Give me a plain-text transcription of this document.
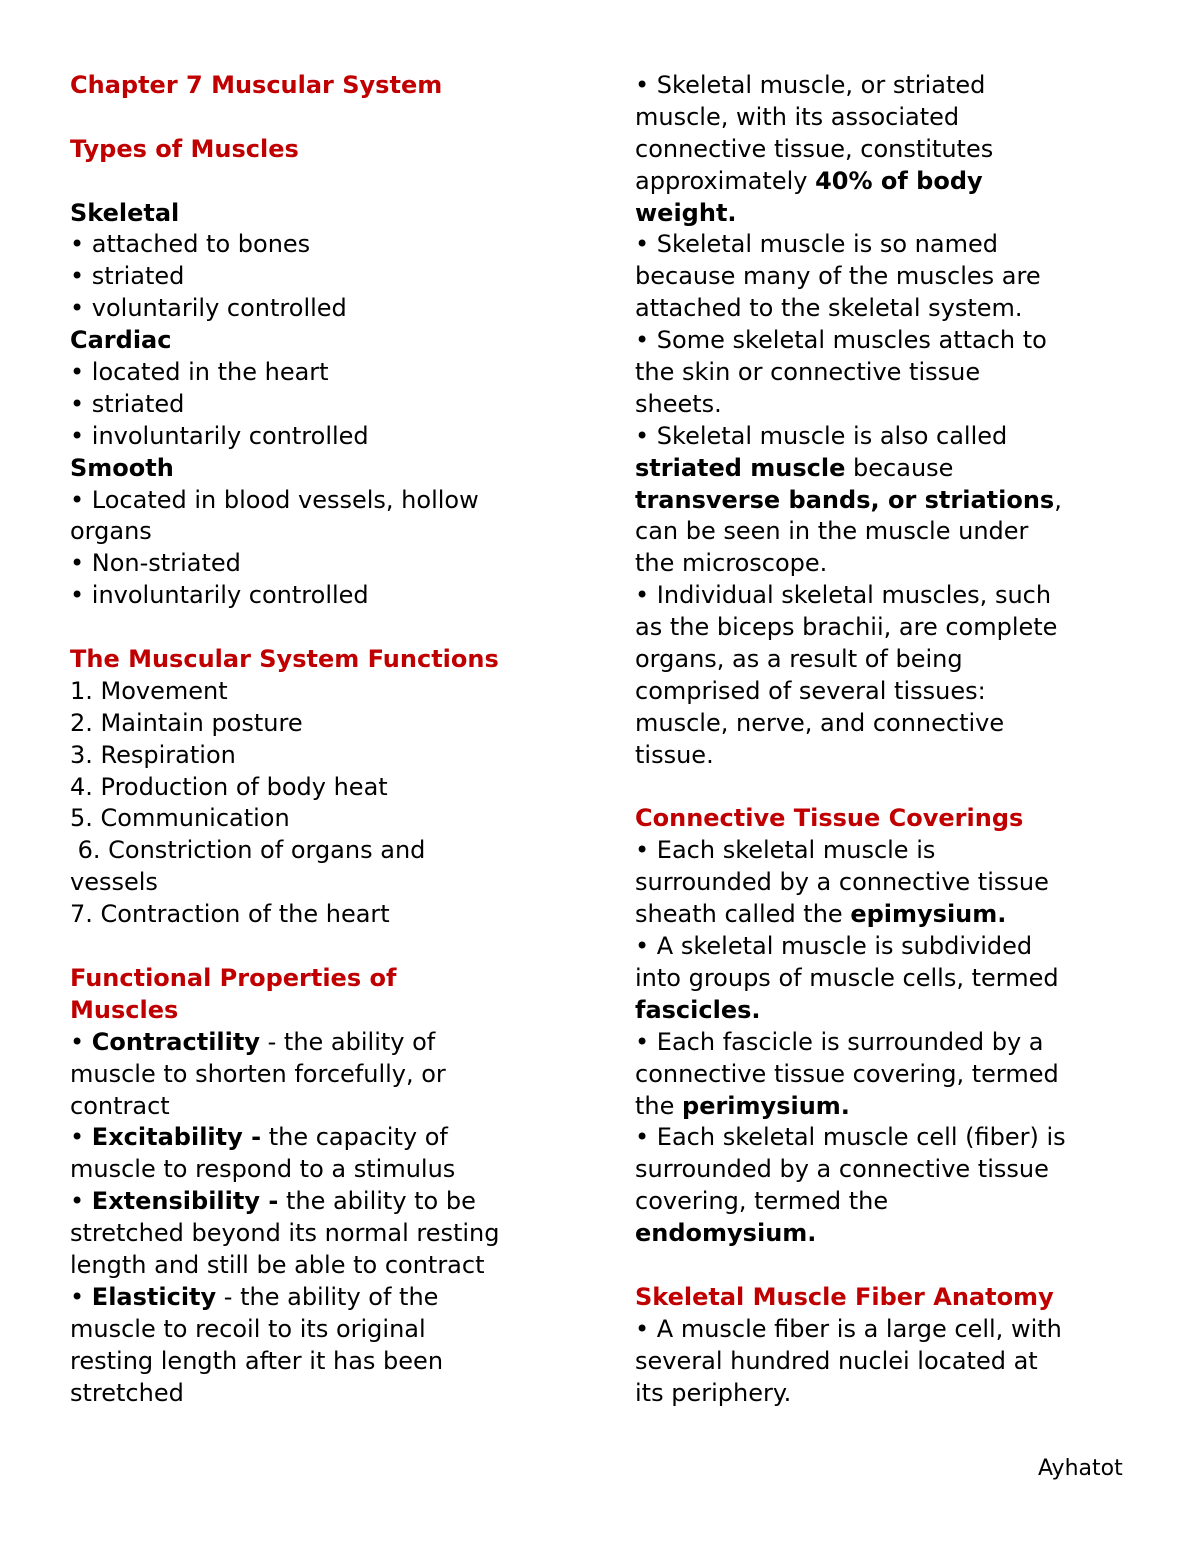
Chapter 7 Muscular System
Types of Muscles
Skeletal
• attached to bones
• striated
• voluntarily controlled
Cardiac
• located in the heart
• striated
• involuntarily controlled
Smooth
• Located in blood vessels, hollow
organs
• Non-striated
• involuntarily controlled
The Muscular System Functions
1. Movement
2. Maintain posture
3. Respiration
4. Production of body heat
5. Communication
6. Constriction of organs and
vessels
7. Contraction of the heart
Functional Properties of
Muscles
• Contractility - the ability of
muscle to shorten forcefully, or
contract
• Excitability - the capacity of
muscle to respond to a stimulus
• Extensibility - the ability to be
stretched beyond its normal resting
length and still be able to contract
• Elasticity - the ability of the
muscle to recoil to its original
resting length after it has been
stretched
• Skeletal muscle, or striated
muscle, with its associated
connective tissue, constitutes
approximately 40% of body
weight.
• Skeletal muscle is so named
because many of the muscles are
attached to the skeletal system.
• Some skeletal muscles attach to
the skin or connective tissue
sheets.
• Skeletal muscle is also called
striated muscle because
transverse bands, or striations,
can be seen in the muscle under
the microscope.
• Individual skeletal muscles, such
as the biceps brachii, are complete
organs, as a result of being
comprised of several tissues:
muscle, nerve, and connective
tissue.
Connective Tissue Coverings
• Each skeletal muscle is
surrounded by a connective tissue
sheath called the epimysium.
• A skeletal muscle is subdivided
into groups of muscle cells, termed
fascicles.
• Each fascicle is surrounded by a
connective tissue covering, termed
the perimysium.
• Each skeletal muscle cell (fiber) is
surrounded by a connective tissue
covering, termed the
endomysium.
Skeletal Muscle Fiber Anatomy
• A muscle fiber is a large cell, with
several hundred nuclei located at
its periphery.
Ayhatot
